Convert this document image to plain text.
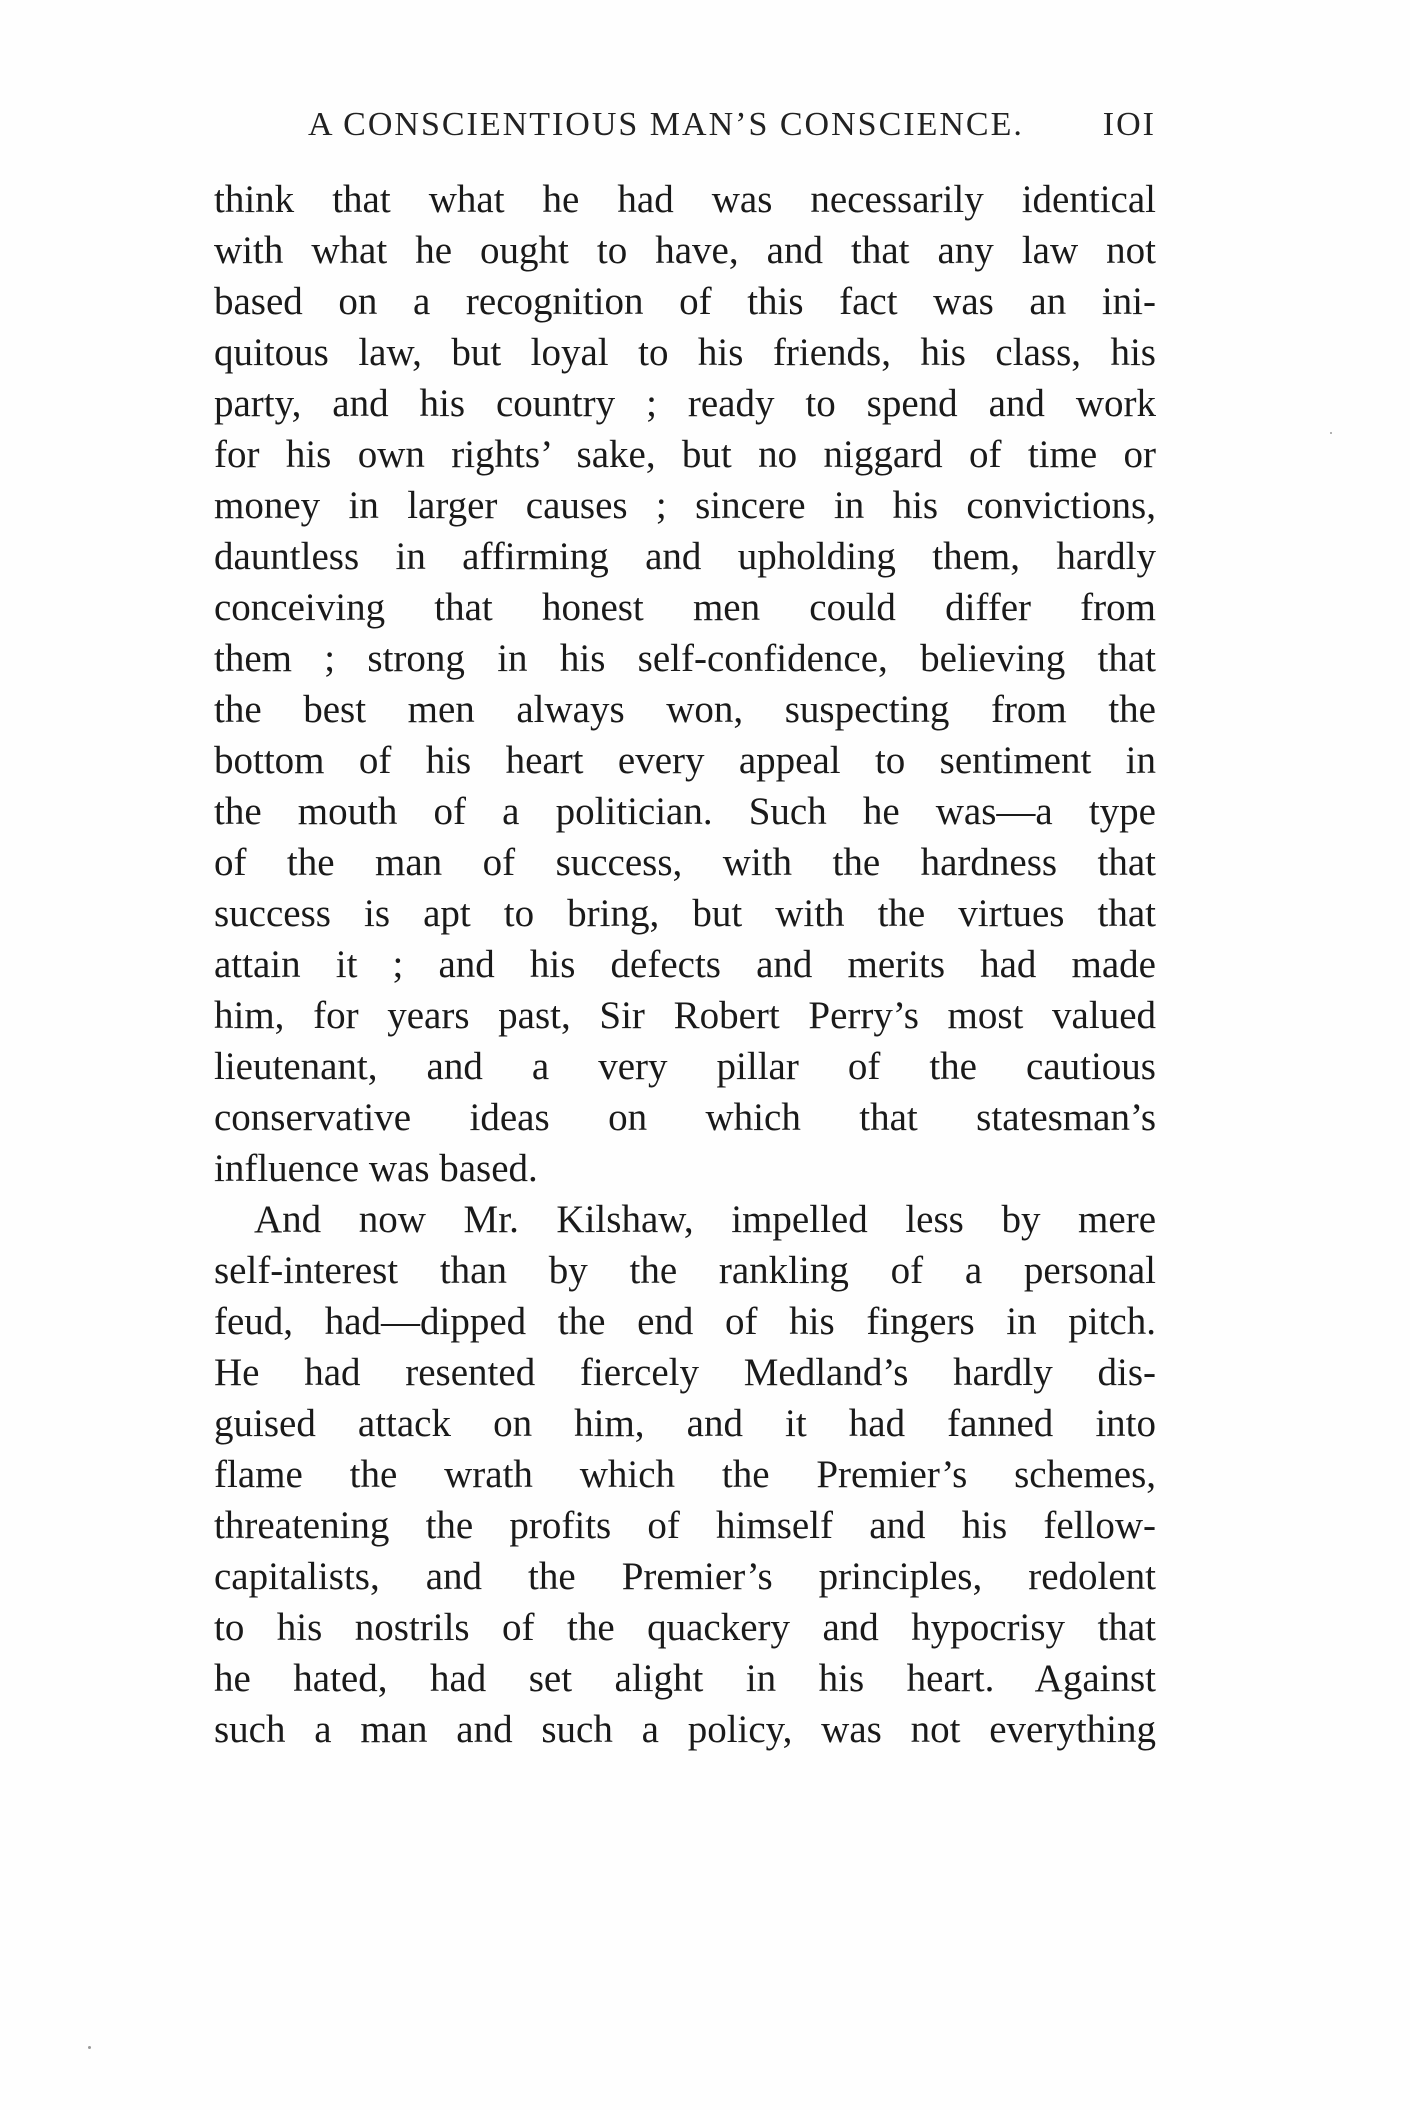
A CONSCIENTIOUS MAN’S CONSCIENCE. IOI
think that what he had was necessarily identical
with what he ought to have, and that any law not
based on a recognition of this fact was an ini-
quitous law, but loyal to his friends, his class, his
party, and his country ; ready to spend and work
for his own rights’ sake, but no niggard of time or
money in larger causes ; sincere in his convictions,
dauntless in affirming and upholding them, hardly
conceiving that honest men could differ from
them ; strong in his self-confidence, believing that
the best men always won, suspecting from the
bottom of his heart every appeal to sentiment in
the mouth of a politician. Such he was—a type
of the man of success, with the hardness that
success is apt to bring, but with the virtues that
attain it ; and his defects and merits had made
him, for years past, Sir Robert Perry’s most valued
lieutenant, and a very pillar of the cautious
conservative ideas on which that statesman’s
influence was based.
And now Mr. Kilshaw, impelled less by mere
self-interest than by the rankling of a personal
feud, had—dipped the end of his fingers in pitch.
He had resented fiercely Medland’s hardly dis-
guised attack on him, and it had fanned into
flame the wrath which the Premier’s schemes,
threatening the profits of himself and his fellow-
capitalists, and the Premier’s principles, redolent
to his nostrils of the quackery and hypocrisy that
he hated, had set alight in his heart. Against
such a man and such a policy, was not everything
